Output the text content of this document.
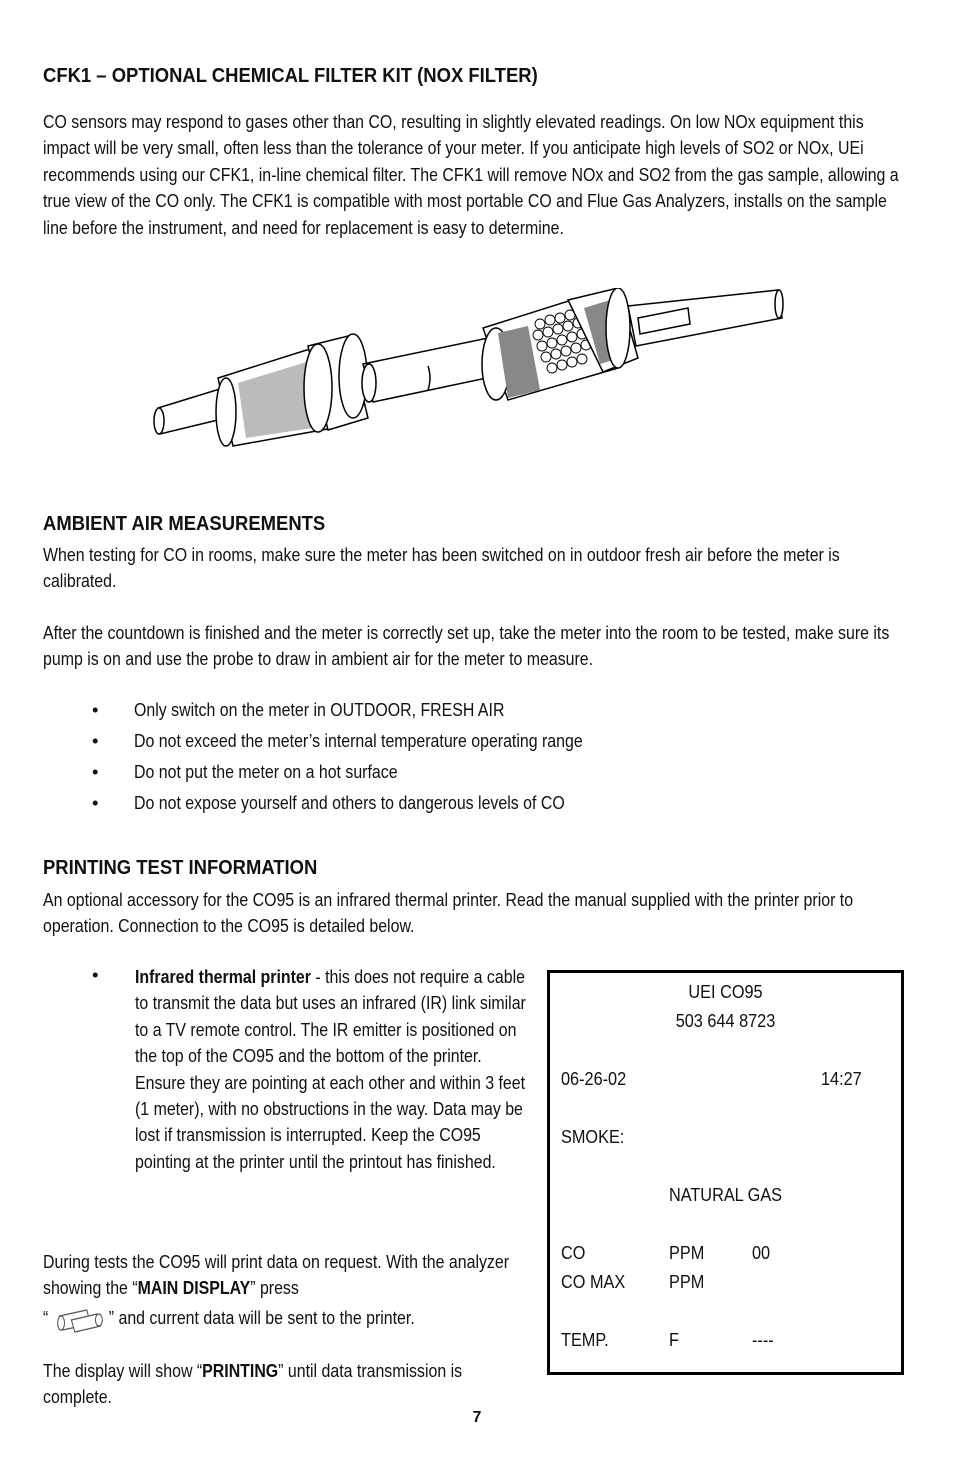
CFK1 – OPTIONAL CHEMICAL FILTER KIT (NOX FILTER)

CO sensors may respond to gases other than CO, resulting in slightly elevated readings. On low NOx equipment this impact will be very small, often less than the tolerance of your meter. If you anticipate high levels of SO2 or NOx, UEi recommends using our CFK1, in-line chemical filter. The CFK1 will remove NOx and SO2 from the gas sample, allowing a true view of the CO only. The CFK1 is compatible with most portable CO and Flue Gas Analyzers, installs on the sample line before the instrument, and need for replacement is easy to determine.

AMBIENT AIR MEASUREMENTS

When testing for CO in rooms, make sure the meter has been switched on in outdoor fresh air before the meter is calibrated.

After the countdown is finished and the meter is correctly set up, take the meter into the room to be tested, make sure its pump is on and use the probe to draw in ambient air for the meter to measure.

• Only switch on the meter in OUTDOOR, FRESH AIR
• Do not exceed the meter’s internal temperature operating range
• Do not put the meter on a hot surface
• Do not expose yourself and others to dangerous levels of CO
PRINTING TEST INFORMATION

An optional accessory for the CO95 is an infrared thermal printer. Read the manual supplied with the printer prior to operation. Connection to the CO95 is detailed below.

• Infrared thermal printer - this does not require a cable to transmit the data but uses an infrared (IR) link similar to a TV remote control. The IR emitter is positioned on the top of the CO95 and the bottom of the printer. Ensure they are pointing at each other and within 3 feet (1 meter), with no obstructions in the way. Data may be lost if transmission is interrupted. Keep the CO95 pointing at the printer until the printout has finished.

During tests the CO95 will print data on request. With the analyzer showing the “MAIN DISPLAY” press

“	” and current data will be sent to the printer.

The display will show “PRINTING” until data transmission is complete.

UEI CO95
503 644 8723
06-26-02	14:27
SMOKE:
NATURAL GAS
CO	PPM	00
CO MAX PPM
TEMP.	F	----
7
